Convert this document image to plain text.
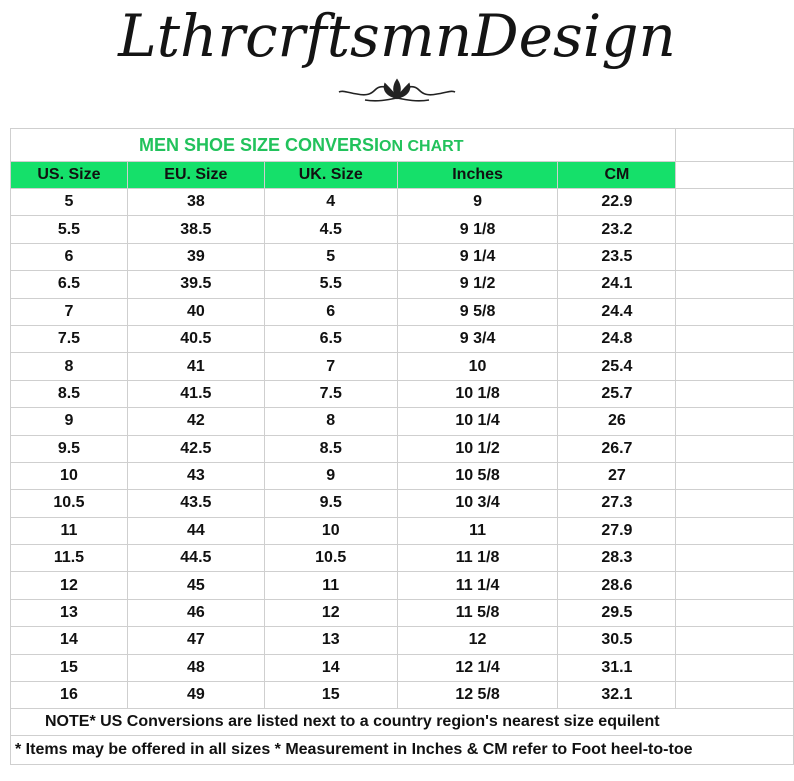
LthrcrftsmnDesign
MEN SHOE SIZE CONVERSION CHART					
US. Size	EU. Size	UK. Size	Inches	CM	
5	38	4	9	22.9	
5.5	38.5	4.5	9 1/8	23.2	
6	39	5	9 1/4	23.5	
6.5	39.5	5.5	9 1/2	24.1	
7	40	6	9 5/8	24.4	
7.5	40.5	6.5	9 3/4	24.8	
8	41	7	10	25.4	
8.5	41.5	7.5	10 1/8	25.7	
9	42	8	10 1/4	26	
9.5	42.5	8.5	10 1/2	26.7	
10	43	9	10 5/8	27	
10.5	43.5	9.5	10 3/4	27.3	
11	44	10	11	27.9	
11.5	44.5	10.5	11 1/8	28.3	
12	45	11	11 1/4	28.6	
13	46	12	11 5/8	29.5	
14	47	13	12	30.5	
15	48	14	12 1/4	31.1	
16	49	15	12 5/8	32.1	
NOTE* US Conversions are listed next to a country region's nearest size equilent					
* Items may be offered in all sizes * Measurement in Inches & CM refer to Foot heel-to-toe					
